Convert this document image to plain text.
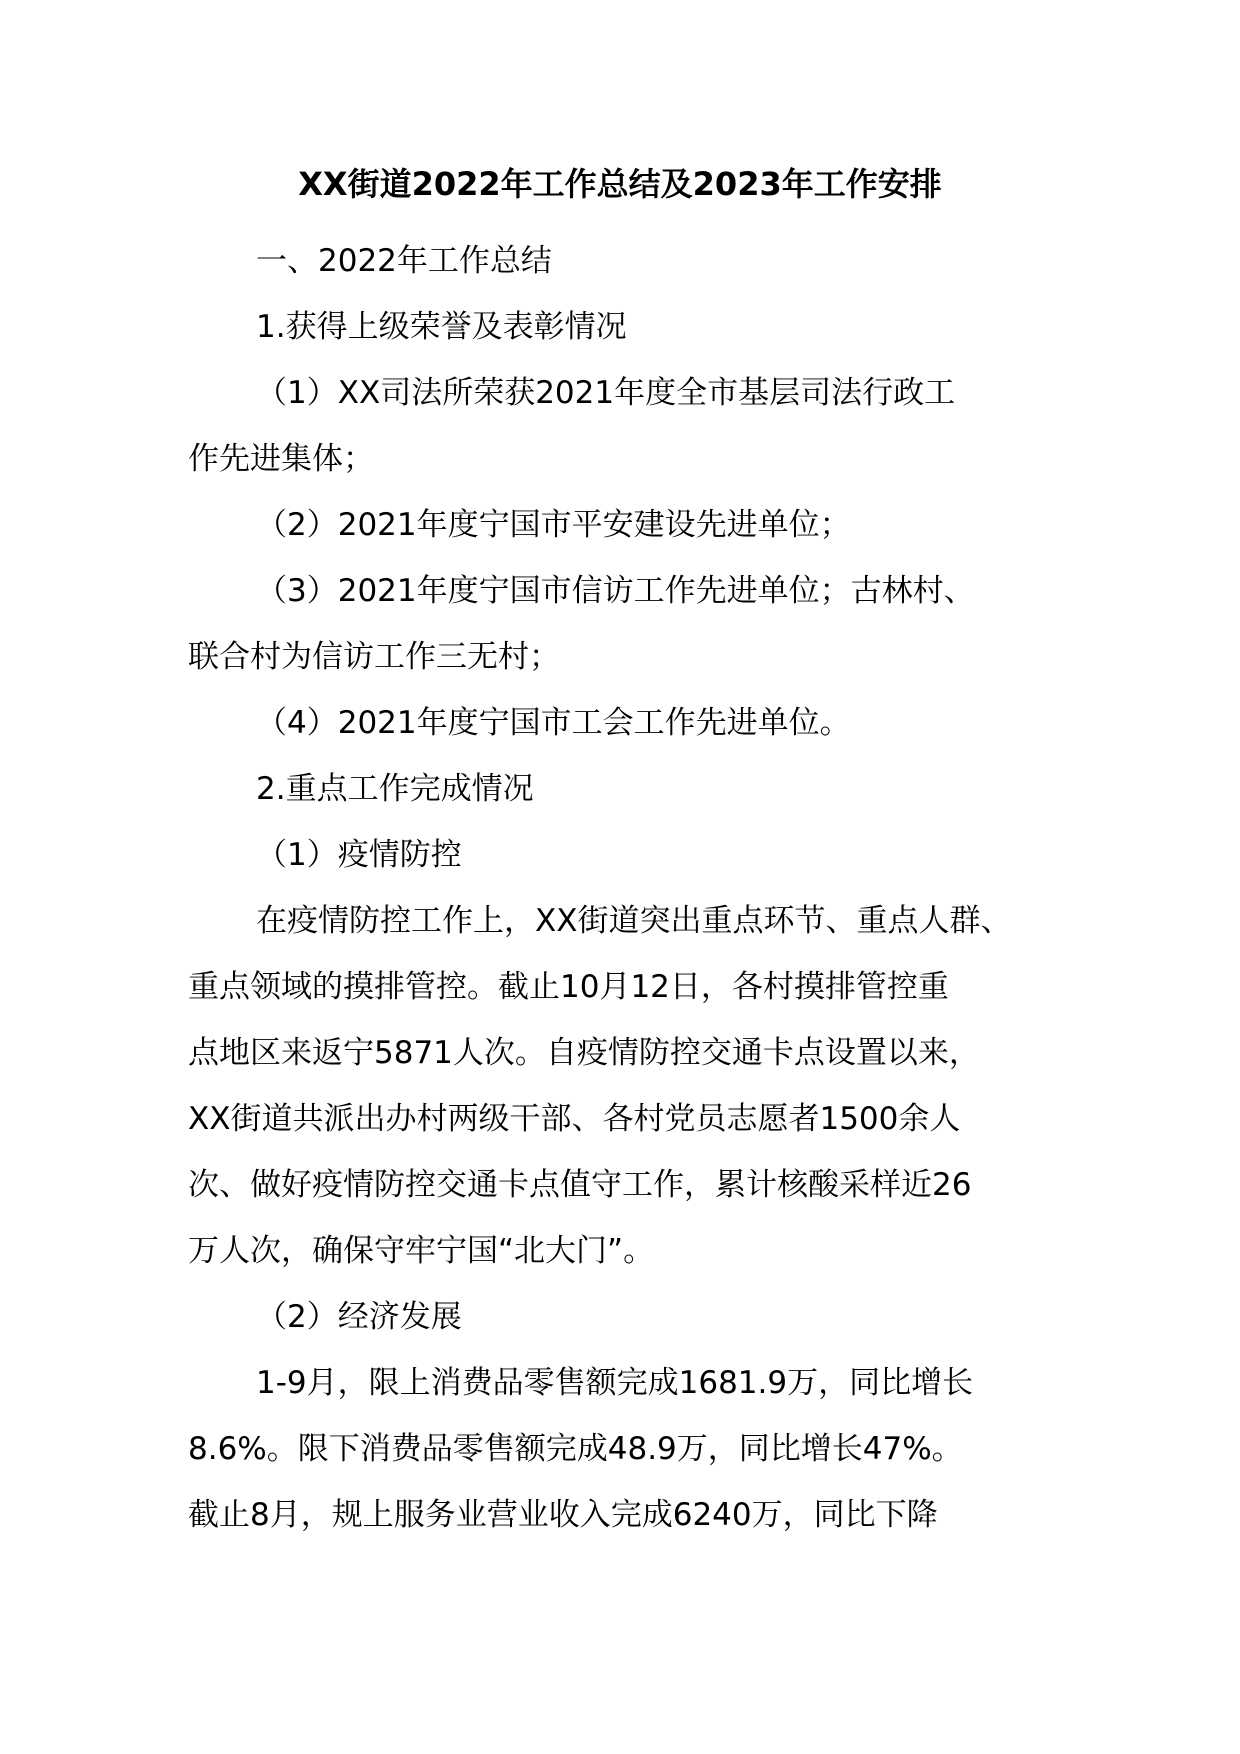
XX街道2022年工作总结及2023年工作安排

一、2022年工作总结

1.获得上级荣誉及表彰情况

（1）XX司法所荣获2021年度全市基层司法行政工
作先进集体；

（2）2021年度宁国市平安建设先进单位；

（3）2021年度宁国市信访工作先进单位；古林村、
联合村为信访工作三无村；

（4）2021年度宁国市工会工作先进单位。

2.重点工作完成情况

（1）疫情防控

在疫情防控工作上，XX街道突出重点环节、重点人群、
重点领域的摸排管控。截止10月12日，各村摸排管控重
点地区来返宁5871人次。自疫情防控交通卡点设置以来，
XX街道共派出办村两级干部、各村党员志愿者1500余人
次、做好疫情防控交通卡点值守工作，累计核酸采样近26
万人次，确保守牢宁国“北大门”。

（2）经济发展

1-9月，限上消费品零售额完成1681.9万，同比增长
8.6%。限下消费品零售额完成48.9万，同比增长47%。
截止8月，规上服务业营业收入完成6240万，同比下降
